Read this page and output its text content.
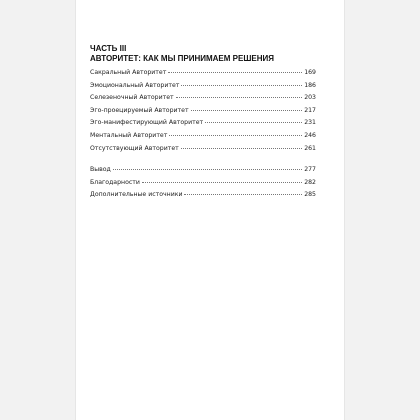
ЧАСТЬ III
АВТОРИТЕТ: КАК МЫ ПРИНИМАЕМ РЕШЕНИЯ
Сакральный Авторитет	169
Эмоциональный Авторитет	186
Селезеночный Авторитет	203
Эго-проецируемый Авторитет	217
Эго-манифестирующий Авторитет	231
Ментальный Авторитет	246
Отсутствующий Авторитет	261
Вывод	277
Благодарности	282
Дополнительные источники	285
